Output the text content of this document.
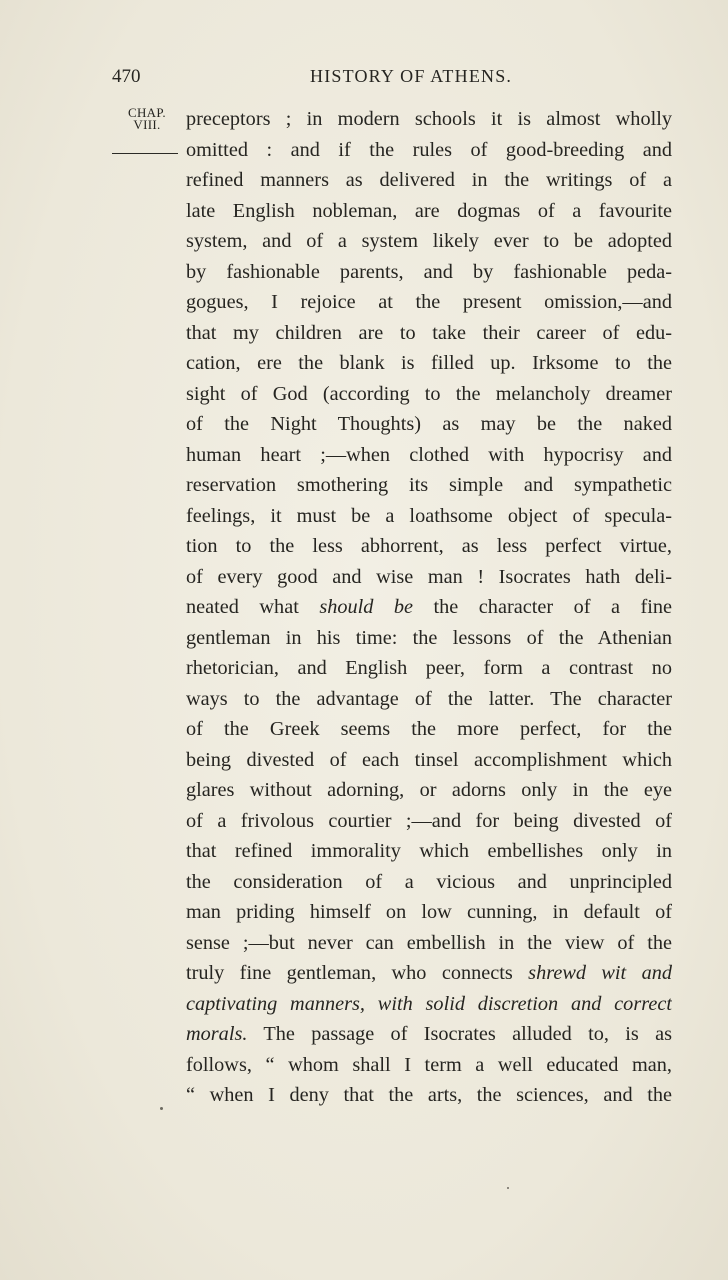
470	HISTORY OF ATHENS.
CHAP.
VIII.	preceptors ; in modern schools it is almost wholly
omitted : and if the rules of good-breeding and
refined manners as delivered in the writings of a
late English nobleman, are dogmas of a favourite
system, and of a system likely ever to be adopted
by fashionable parents, and by fashionable peda-
gogues, I rejoice at the present omission,—and
that my children are to take their career of edu-
cation, ere the blank is filled up. Irksome to the
sight of God (according to the melancholy dreamer
of the Night Thoughts) as may be the naked
human heart ;—when clothed with hypocrisy and
reservation smothering its simple and sympathetic
feelings, it must be a loathsome object of specula-
tion to the less abhorrent, as less perfect virtue,
of every good and wise man ! Isocrates hath deli-
neated what should be the character of a fine
gentleman in his time: the lessons of the Athenian
rhetorician, and English peer, form a contrast no
ways to the advantage of the latter. The character
of the Greek seems the more perfect, for the
being divested of each tinsel accomplishment which
glares without adorning, or adorns only in the eye
of a frivolous courtier ;—and for being divested of
that refined immorality which embellishes only in
the consideration of a vicious and unprincipled
man priding himself on low cunning, in default of
sense ;—but never can embellish in the view of the
truly fine gentleman, who connects shrewd wit and
captivating manners, with solid discretion and correct
morals. The passage of Isocrates alluded to, is as
follows, “ whom shall I term a well educated man,
“ when I deny that the arts, the sciences, and the
